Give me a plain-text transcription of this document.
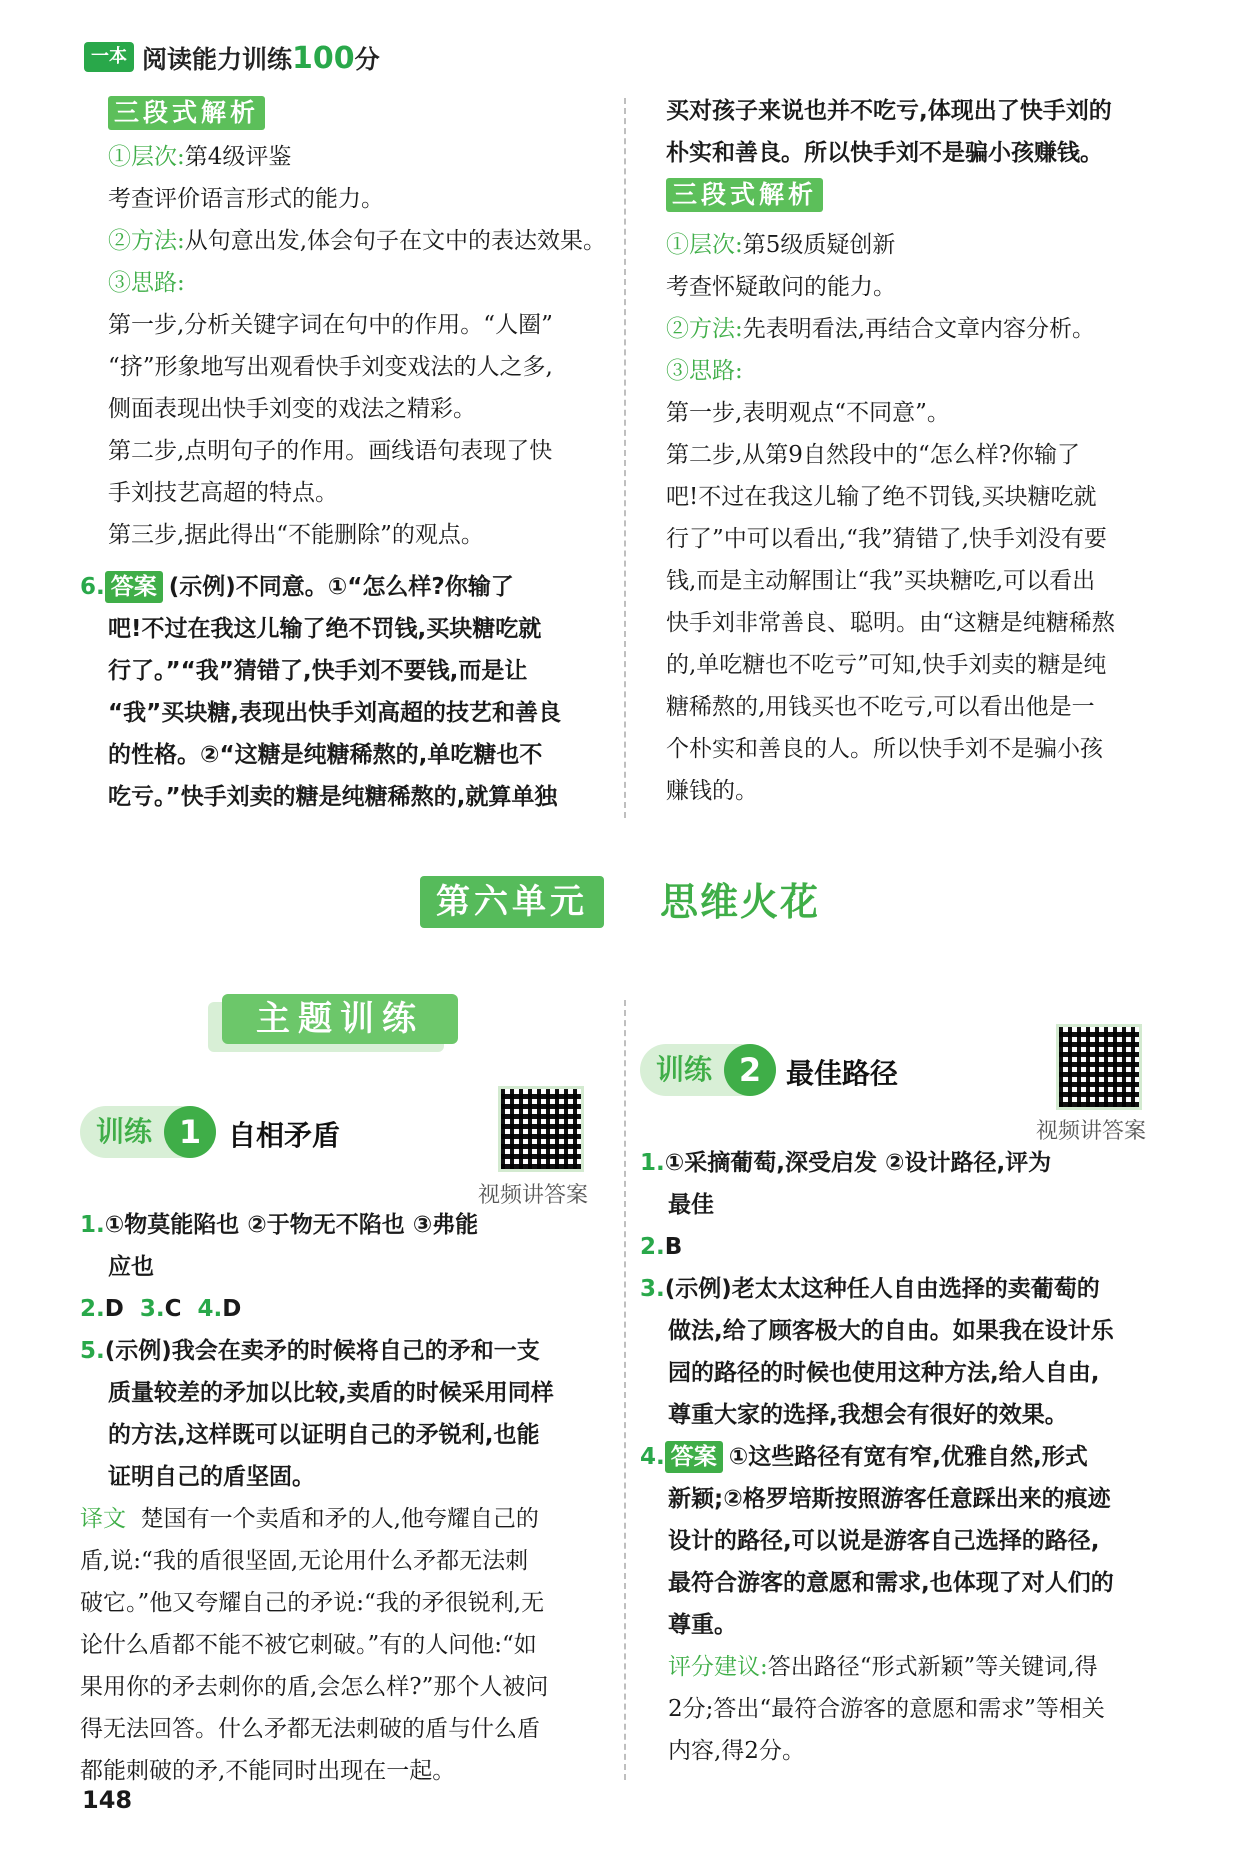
一本 阅读能力训练100分
三段式解析
①层次:第4级评鉴
考查评价语言形式的能力。
②方法:从句意出发,体会句子在文中的表达效果。
③思路:
第一步,分析关键字词在句中的作用。“人圈”
“挤”形象地写出观看快手刘变戏法的人之多,
侧面表现出快手刘变的戏法之精彩。
第二步,点明句子的作用。画线语句表现了快
手刘技艺高超的特点。
第三步,据此得出“不能删除”的观点。
6. 答案 (示例)不同意。①“怎么样?你输了
吧!不过在我这儿输了绝不罚钱,买块糖吃就
行了。”“我”猜错了,快手刘不要钱,而是让
“我”买块糖,表现出快手刘高超的技艺和善良
的性格。②“这糖是纯糖稀熬的,单吃糖也不
吃亏。”快手刘卖的糖是纯糖稀熬的,就算单独
买对孩子来说也并不吃亏,体现出了快手刘的
朴实和善良。所以快手刘不是骗小孩赚钱。
三段式解析
①层次:第5级质疑创新
考查怀疑敢问的能力。
②方法:先表明看法,再结合文章内容分析。
③思路:
第一步,表明观点“不同意”。
第二步,从第9自然段中的“怎么样?你输了
吧!不过在我这儿输了绝不罚钱,买块糖吃就
行了”中可以看出,“我”猜错了,快手刘没有要
钱,而是主动解围让“我”买块糖吃,可以看出
快手刘非常善良、聪明。由“这糖是纯糖稀熬
的,单吃糖也不吃亏”可知,快手刘卖的糖是纯
糖稀熬的,用钱买也不吃亏,可以看出他是一
个朴实和善良的人。所以快手刘不是骗小孩
赚钱的。
第六单元	思维火花
主题训练
训练 1 自相矛盾
视频讲答案
1.①物莫能陷也 ②于物无不陷也 ③弗能
应也
2.D 3.C 4.D
5.(示例)我会在卖矛的时候将自己的矛和一支
质量较差的矛加以比较,卖盾的时候采用同样
的方法,这样既可以证明自己的矛锐利,也能
证明自己的盾坚固。
译文 楚国有一个卖盾和矛的人,他夸耀自己的
盾,说:“我的盾很坚固,无论用什么矛都无法刺
破它。”他又夸耀自己的矛说:“我的矛很锐利,无
论什么盾都不能不被它刺破。”有的人问他:“如
果用你的矛去刺你的盾,会怎么样?”那个人被问
得无法回答。什么矛都无法刺破的盾与什么盾
都能刺破的矛,不能同时出现在一起。
训练 2 最佳路径
视频讲答案
1.①采摘葡萄,深受启发 ②设计路径,评为
最佳
2.B
3.(示例)老太太这种任人自由选择的卖葡萄的
做法,给了顾客极大的自由。如果我在设计乐
园的路径的时候也使用这种方法,给人自由,
尊重大家的选择,我想会有很好的效果。
4. 答案 ①这些路径有宽有窄,优雅自然,形式
新颖;②格罗培斯按照游客任意踩出来的痕迹
设计的路径,可以说是游客自己选择的路径,
最符合游客的意愿和需求,也体现了对人们的
尊重。
评分建议:答出路径“形式新颖”等关键词,得
2分;答出“最符合游客的意愿和需求”等相关
内容,得2分。
148
